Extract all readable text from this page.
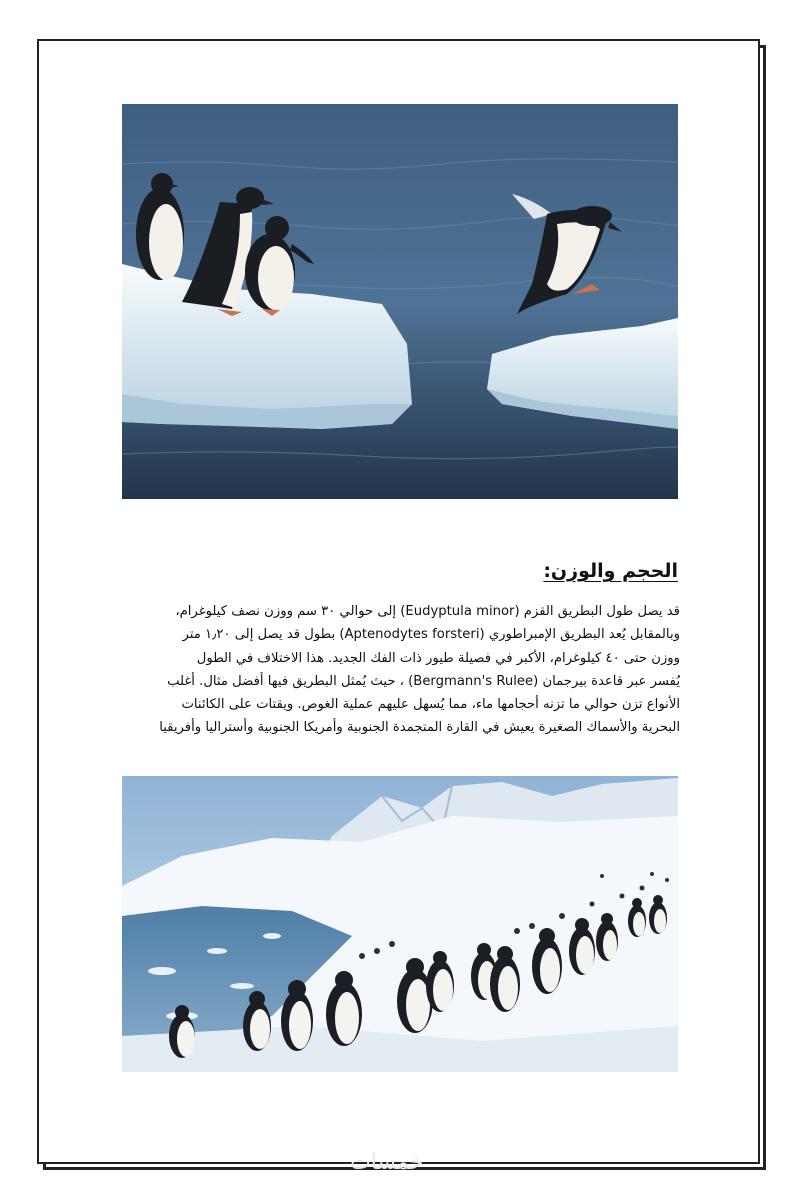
الحجم والوزن:
قد يصل طول البطريق القزم (Eudyptula minor) إلى حوالي ٣٠ سم ووزن نصف كيلوغرام،
وبالمقابل يُعد البطريق الإمبراطوري (Aptenodytes forsteri) بطول قد يصل إلى ١٫٢٠ متر
ووزن حتى ٤٠ كيلوغرام، الأكبر في فصيلة طيور ذات الفك الجديد. هذا الاختلاف في الطول
يُفسر عبر قاعدة بيرجمان (Bergmann's Rulee) ، حيث يُمثل البطريق فيها أفضل مثال. أغلب
الأنواع تزن حوالي ما تزنه أحجامها ماء، مما يُسهل عليهم عملية الغوص. ويقتات على الكائنات
البحرية والأسماك الصغيرة يعيش في القارة المتجمدة الجنوبية وأمريكا الجنوبية وأستراليا وأفريقيا
خمسات
